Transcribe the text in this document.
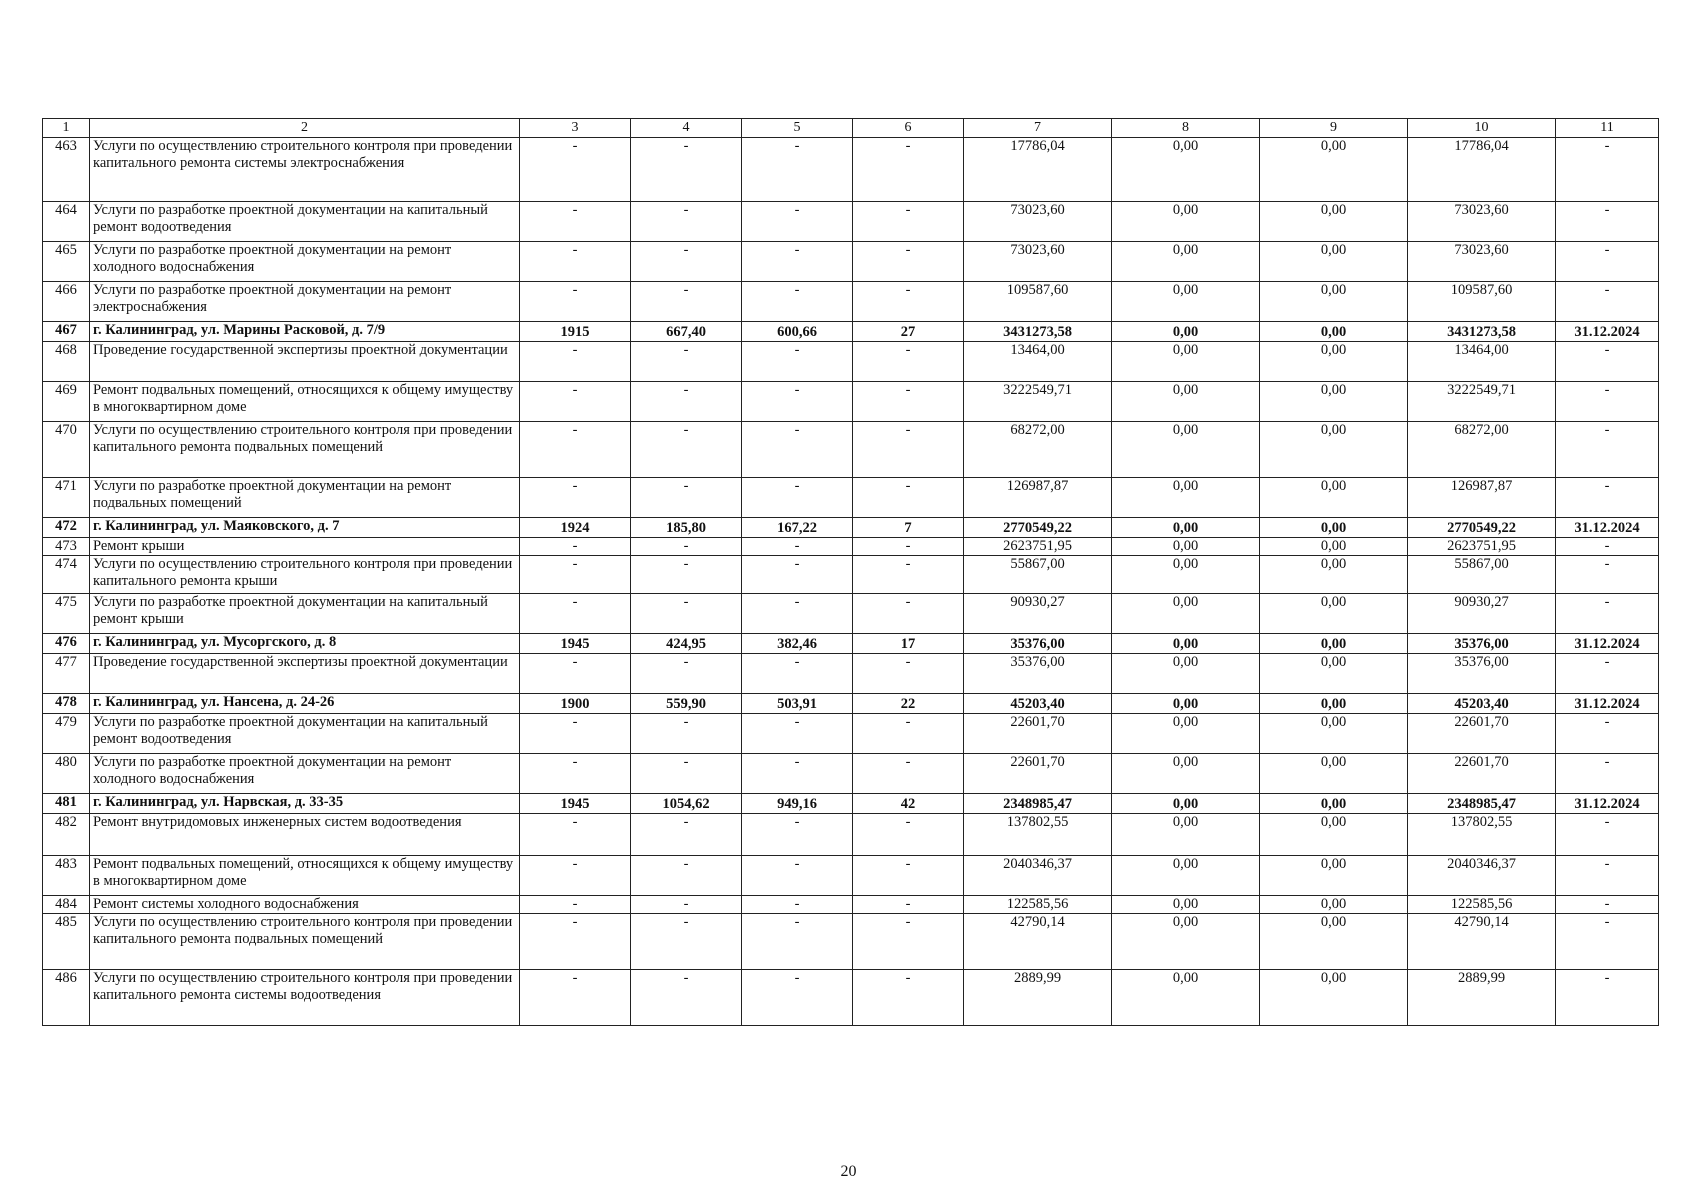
1	2	3	4	5	6	7	8	9	10	11
463	Услуги по осуществлению строительного контроля при проведении капитального ремонта системы электроснабжения	-	-	-	-	17786,04	0,00	0,00	17786,04	-
464	Услуги по разработке проектной документации на капитальный ремонт водоотведения	-	-	-	-	73023,60	0,00	0,00	73023,60	-
465	Услуги по разработке проектной документации на ремонт холодного водоснабжения	-	-	-	-	73023,60	0,00	0,00	73023,60	-
466	Услуги по разработке проектной документации на ремонт электроснабжения	-	-	-	-	109587,60	0,00	0,00	109587,60	-
467	г. Калининград, ул. Марины Расковой, д. 7/9	1915	667,40	600,66	27	3431273,58	0,00	0,00	3431273,58	31.12.2024
468	Проведение государственной экспертизы проектной документации	-	-	-	-	13464,00	0,00	0,00	13464,00	-
469	Ремонт подвальных помещений, относящихся к общему имуществу в многоквартирном доме	-	-	-	-	3222549,71	0,00	0,00	3222549,71	-
470	Услуги по осуществлению строительного контроля при проведении капитального ремонта подвальных помещений	-	-	-	-	68272,00	0,00	0,00	68272,00	-
471	Услуги по разработке проектной документации на ремонт подвальных помещений	-	-	-	-	126987,87	0,00	0,00	126987,87	-
472	г. Калининград, ул. Маяковского, д. 7	1924	185,80	167,22	7	2770549,22	0,00	0,00	2770549,22	31.12.2024
473	Ремонт крыши	-	-	-	-	2623751,95	0,00	0,00	2623751,95	-
474	Услуги по осуществлению строительного контроля при проведении капитального ремонта крыши	-	-	-	-	55867,00	0,00	0,00	55867,00	-
475	Услуги по разработке проектной документации на капитальный ремонт крыши	-	-	-	-	90930,27	0,00	0,00	90930,27	-
476	г. Калининград, ул. Мусоргского, д. 8	1945	424,95	382,46	17	35376,00	0,00	0,00	35376,00	31.12.2024
477	Проведение государственной экспертизы проектной документации	-	-	-	-	35376,00	0,00	0,00	35376,00	-
478	г. Калининград, ул. Нансена, д. 24-26	1900	559,90	503,91	22	45203,40	0,00	0,00	45203,40	31.12.2024
479	Услуги по разработке проектной документации на капитальный ремонт водоотведения	-	-	-	-	22601,70	0,00	0,00	22601,70	-
480	Услуги по разработке проектной документации на ремонт холодного водоснабжения	-	-	-	-	22601,70	0,00	0,00	22601,70	-
481	г. Калининград, ул. Нарвская, д. 33-35	1945	1054,62	949,16	42	2348985,47	0,00	0,00	2348985,47	31.12.2024
482	Ремонт внутридомовых инженерных систем водоотведения	-	-	-	-	137802,55	0,00	0,00	137802,55	-
483	Ремонт подвальных помещений, относящихся к общему имуществу в многоквартирном доме	-	-	-	-	2040346,37	0,00	0,00	2040346,37	-
484	Ремонт системы холодного водоснабжения	-	-	-	-	122585,56	0,00	0,00	122585,56	-
485	Услуги по осуществлению строительного контроля при проведении капитального ремонта подвальных помещений	-	-	-	-	42790,14	0,00	0,00	42790,14	-
486	Услуги по осуществлению строительного контроля при проведении капитального ремонта системы водоотведения	-	-	-	-	2889,99	0,00	0,00	2889,99	-
20
